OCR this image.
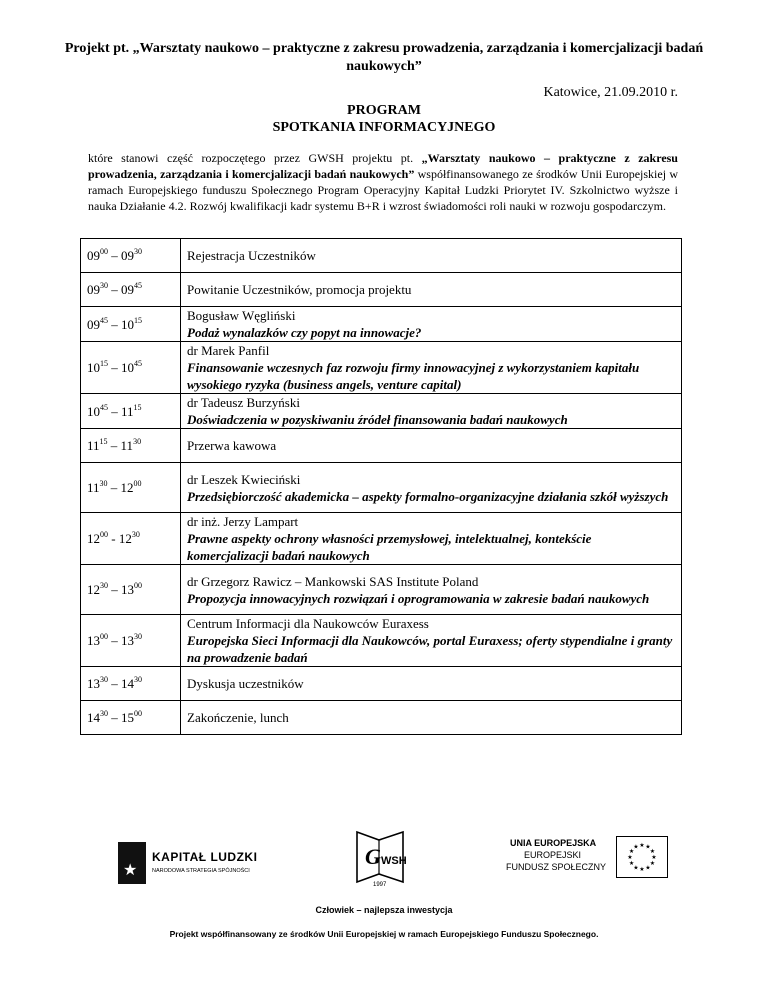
Projekt pt. „Warsztaty naukowo – praktyczne z zakresu prowadzenia, zarządzania i komercjalizacji badań naukowych”
Katowice, 21.09.2010 r.
PROGRAM
SPOTKANIA INFORMACYJNEGO
które stanowi część rozpoczętego przez GWSH projektu pt. „Warsztaty naukowo – praktyczne z zakresu prowadzenia, zarządzania i komercjalizacji badań naukowych” współfinansowanego ze środków Unii Europejskiej w ramach Europejskiego funduszu Społecznego Program Operacyjny Kapitał Ludzki Priorytet IV. Szkolnictwo wyższe i nauka Działanie 4.2. Rozwój kwalifikacji kadr systemu B+R i wzrost świadomości roli nauki w rozwoju gospodarczym.
$09^{00} - 09^{30}$	Rejestracja Uczestników

$09^{30} - 09^{45}$	Powitanie Uczestników, promocja projektu

$09^{45} - 10^{15}$	Bogusław Węgliński
Podaż wynalazków czy popyt na innowacje?

$10^{15} - 10^{45}$	dr Marek Panfil
Finansowanie wczesnych faz rozwoju firmy innowacyjnej z wykorzystaniem kapitału wysokiego ryzyka (business angels, venture capital)

$10^{45} - 11^{15}$	dr Tadeusz Burzyński
Doświadczenia w pozyskiwaniu źródeł finansowania badań naukowych

$11^{15} - 11^{30}$	Przerwa kawowa

$11^{30} - 12^{00}$	dr Leszek Kwieciński
Przedsiębiorczość akademicka – aspekty formalno-organizacyjne działania szkół wyższych

$12^{00} - 12^{30}$	dr inż. Jerzy Lampart
Prawne aspekty ochrony własności przemysłowej, intelektualnej, kontekście komercjalizacji badań naukowych

$12^{30} - 13^{00}$	dr Grzegorz Rawicz – Mankowski SAS Institute Poland
Propozycja innowacyjnych rozwiązań i oprogramowania w zakresie badań naukowych

$13^{00} - 13^{30}$	Centrum Informacji dla Naukowców Euraxess
Europejska Sieci Informacji dla Naukowców, portal Euraxess; oferty stypendialne i granty na prowadzenie badań

$13^{30} - 14^{30}$	Dyskusja uczestników

$14^{30} - 15^{00}$	Zakończenie, lunch
★
KAPITAŁ LUDZKI
NARODOWA STRATEGIA SPÓJNOŚCI
G WSH
1997
UNIA EUROPEJSKA
EUROPEJSKI
FUNDUSZ SPOŁECZNY
★ ★
★
★
★
★
★
★
★
★
★
★
Człowiek – najlepsza inwestycja
Projekt współfinansowany ze środków Unii Europejskiej w ramach Europejskiego Funduszu Społecznego.
